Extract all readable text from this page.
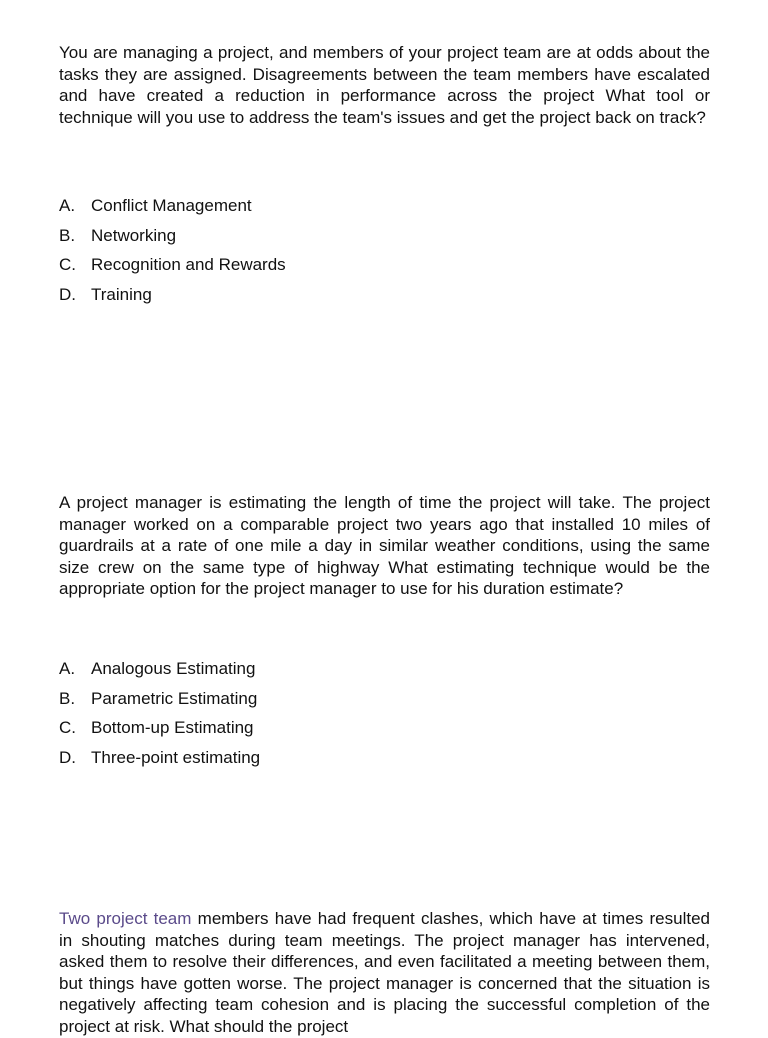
You are managing a project, and members of your project team are at odds about the tasks they are assigned. Disagreements between the team members have escalated and have created a reduction in performance across the project What tool or technique will you use to address the team's issues and get the project back on track?

A. Conflict Management
B. Networking
C. Recognition and Rewards
D. Training

A project manager is estimating the length of time the project will take. The project manager worked on a comparable project two years ago that installed 10 miles of guardrails at a rate of one mile a day in similar weather conditions, using the same size crew on the same type of highway What estimating technique would be the appropriate option for the project manager to use for his duration estimate?

A. Analogous Estimating
B. Parametric Estimating
C. Bottom-up Estimating
D. Three-point estimating

Two project team members have had frequent clashes, which have at times resulted in shouting matches during team meetings. The project manager has intervened, asked them to resolve their differences, and even facilitated a meeting between them, but things have gotten worse. The project manager is concerned that the situation is negatively affecting team cohesion and is placing the successful completion of the project at risk. What should the project
